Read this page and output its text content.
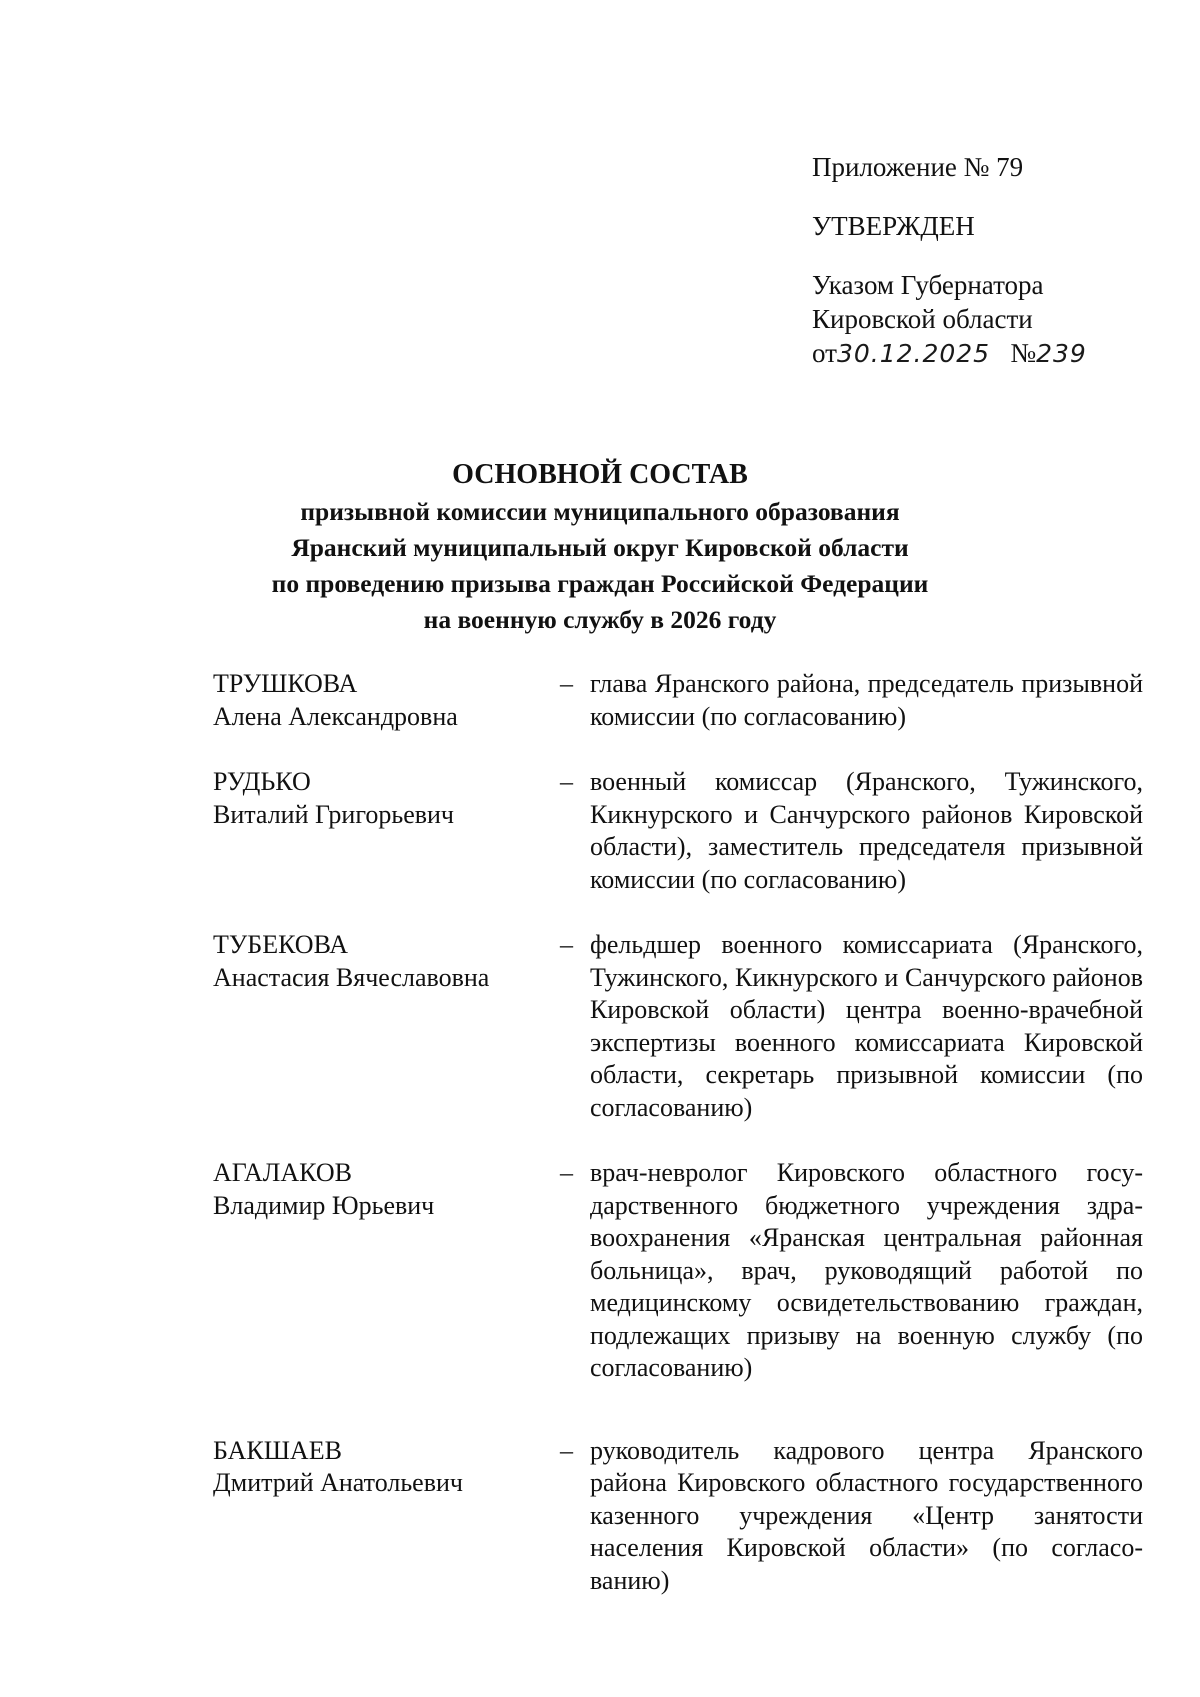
Приложение № 79
УТВЕРЖДЕН
Указом Губернатора
Кировской области
от30.12.2025 №239
ОСНОВНОЙ СОСТАВ
призывной комиссии муниципального образования
Яранский муниципальный округ Кировской области
по проведению призыва граждан Российской Федерации
на военную службу в 2026 году
ТРУШКОВА
Алена Александровна
– глава Яранского района, председатель призывной комиссии (по согласованию)
РУДЬКО
Виталий Григорьевич
– военный комиссар (Яранского, Тужинского, Кикнурского и Санчурского районов Кировской области), заместитель председателя призывной комиссии (по согласованию)
ТУБЕКОВА
Анастасия Вячеславовна
– фельдшер военного комиссариата (Яранского, Тужинского, Кикнурского и Санчурского районов Кировской области) центра военно-врачебной экспертизы военного комиссариата Кировской области, секретарь призывной комиссии (по согласованию)
АГАЛАКОВ
Владимир Юрьевич
– врач-невролог Кировского областного государственного бюджетного учреждения здравоохранения «Яранская центральная районная больница», врач, руководящий работой по медицинскому освидетельствованию граждан, подлежащих призыву на военную службу (по согласованию)
БАКШАЕВ
Дмитрий Анатольевич
– руководитель кадрового центра Яранского района Кировского областного государственного казенного учреждения «Центр занятости населения Кировской области» (по согласованию)
